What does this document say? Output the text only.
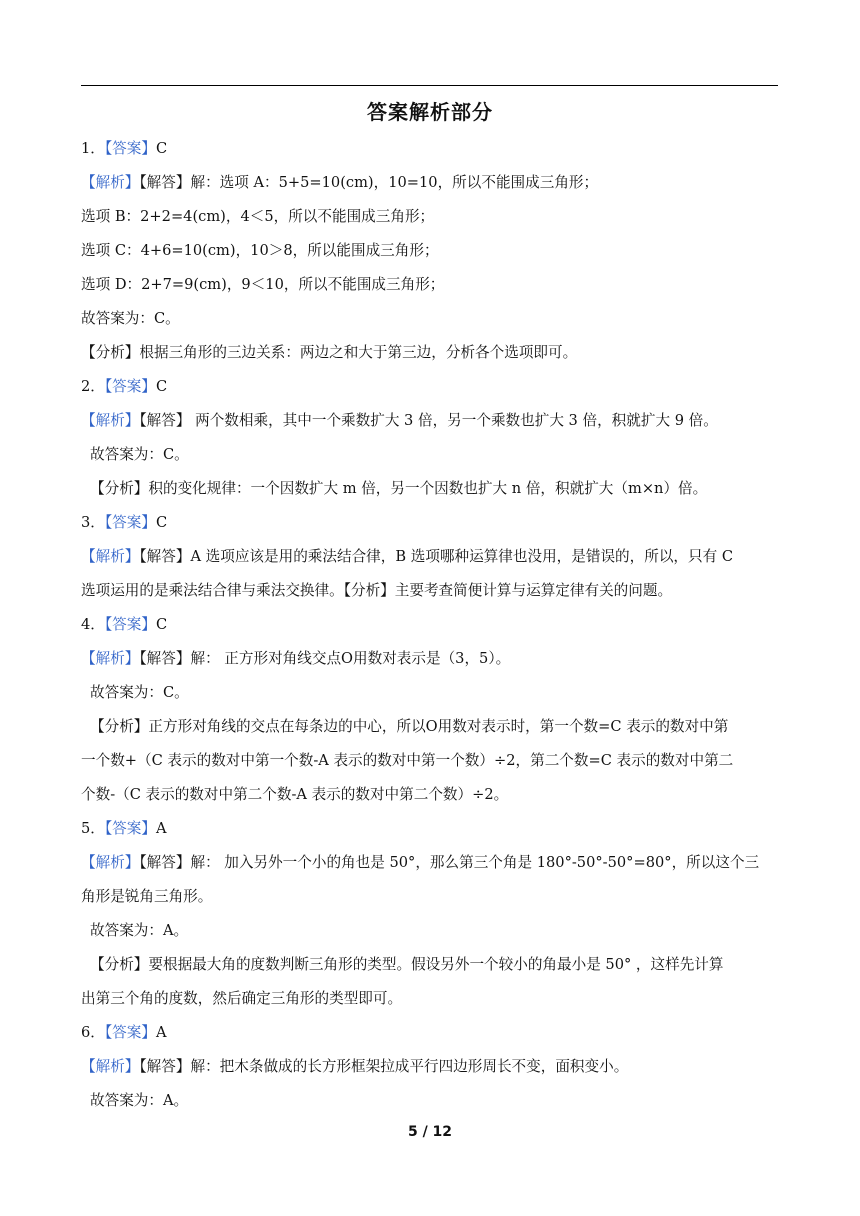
答案解析部分
1．【答案】C
【解析】【解答】解：选项 A：5+5=10(cm)，10=10，所以不能围成三角形；
选项 B：2+2=4(cm)，4＜5，所以不能围成三角形；
选项 C：4+6=10(cm)，10＞8，所以能围成三角形；
选项 D：2+7=9(cm)，9＜10，所以不能围成三角形；
故答案为：C。
【分析】根据三角形的三边关系：两边之和大于第三边，分析各个选项即可。
2．【答案】C
【解析】【解答】 两个数相乘，其中一个乘数扩大 3 倍，另一个乘数也扩大 3 倍，积就扩大 9 倍。
故答案为：C。
【分析】积的变化规律：一个因数扩大 m 倍，另一个因数也扩大 n 倍，积就扩大（m×n）倍。
3．【答案】C
【解析】【解答】A 选项应该是用的乘法结合律，B 选项哪种运算律也没用，是错误的，所以，只有 C
选项运用的是乘法结合律与乘法交换律。【分析】主要考查简便计算与运算定律有关的问题。
4．【答案】C
【解析】【解答】解： 正方形对角线交点O用数对表示是（3，5）。
故答案为：C。
【分析】正方形对角线的交点在每条边的中心，所以O用数对表示时，第一个数=C 表示的数对中第
一个数+（C 表示的数对中第一个数-A 表示的数对中第一个数）÷2，第二个数=C 表示的数对中第二
个数-（C 表示的数对中第二个数-A 表示的数对中第二个数）÷2。
5．【答案】A
【解析】【解答】解： 加入另外一个小的角也是 50°，那么第三个角是 180°-50°-50°=80°，所以这个三
角形是锐角三角形。
故答案为：A。
【分析】要根据最大角的度数判断三角形的类型。假设另外一个较小的角最小是 50° ，这样先计算
出第三个角的度数，然后确定三角形的类型即可。
6．【答案】A
【解析】【解答】解：把木条做成的长方形框架拉成平行四边形周长不变，面积变小。
故答案为：A。
5 / 12
